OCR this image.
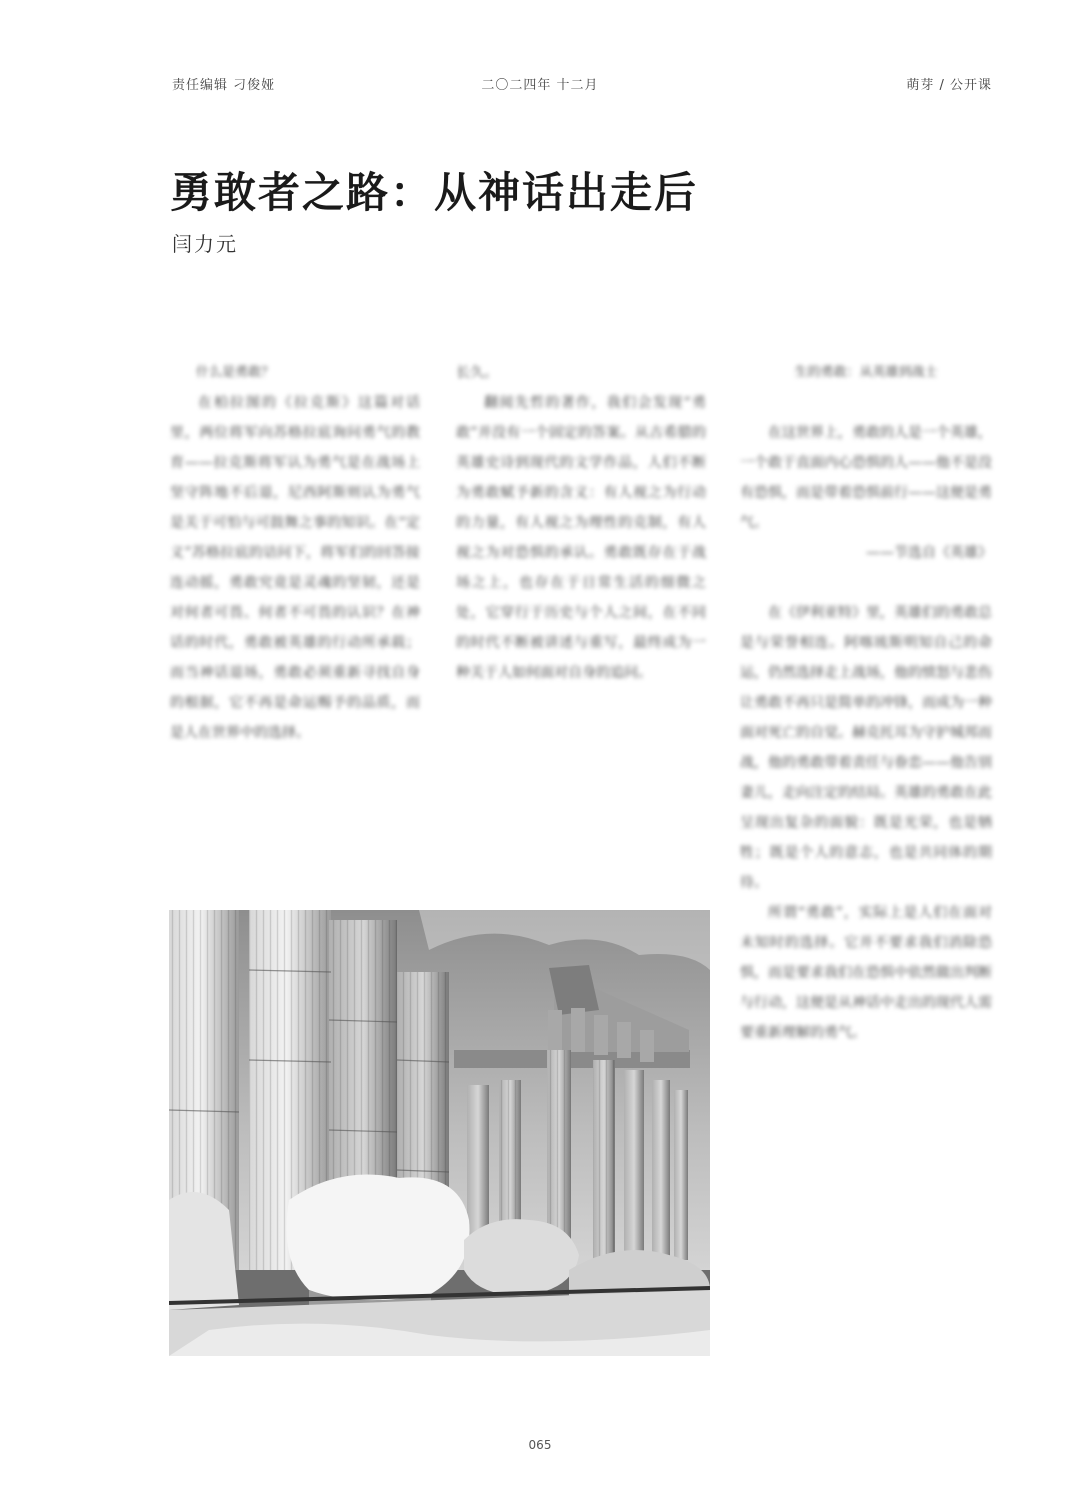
责任编辑 刁俊娅	二〇二四年 十二月	萌芽 / 公开课
勇敢者之路：从神话出走后
闫力元

什么是勇敢？

在柏拉图的《拉克斯》这篇对话里，两位将军向苏格拉底询问勇气的教育——拉克斯将军认为勇气是在战场上坚守阵地不后退，尼西阿斯则认为勇气是关于可怕与可鼓舞之事的知识。在“定义”苏格拉底的诘问下，将军们的回答接连动摇，勇敢究竟是灵魂的坚韧，还是对何者可畏、何者不可畏的认识？在神话的时代，勇敢被英雄的行动所承载；而当神话退场，勇敢必须重新寻找自身的根据，它不再是命运赐予的品质，而是人在世界中的选择。

长久。

翻阅先哲的著作，我们会发现“勇敢”并没有一个固定的答案。从古希腊的英雄史诗到现代的文学作品，人们不断为勇敢赋予新的含义：有人视之为行动的力量，有人视之为理性的克制，有人视之为对恐惧的承认。勇敢既存在于战场之上，也存在于日常生活的细微之处，它穿行于历史与个人之间，在不同的时代不断被讲述与重写，最终成为一种关于人如何面对自身的追问。

生的勇敢：从英雄到战士

在这世界上，勇敢的人是一个英雄，一个敢于直面内心恐惧的人——他不是没有恐惧，而是带着恐惧前行——这便是勇气。

——节选自《英雄》

在《伊利亚特》里，英雄们的勇敢总是与荣誉相连。阿喀琉斯明知自己的命运，仍然选择走上战场，他的愤怒与悲伤让勇敢不再只是简单的冲锋，而成为一种面对死亡的自觉。赫克托耳为守护城邦而战，他的勇敢带着责任与眷恋——他告别妻儿，走向注定的结局。英雄的勇敢在此呈现出复杂的面貌：既是光荣，也是牺牲；既是个人的意志，也是共同体的期待。

所谓“勇敢”，实际上是人们在面对未知时的选择。它并不要求我们消除恐惧，而是要求我们在恐惧中依然做出判断与行动，这便是从神话中走出的现代人需要重新理解的勇气。

065
